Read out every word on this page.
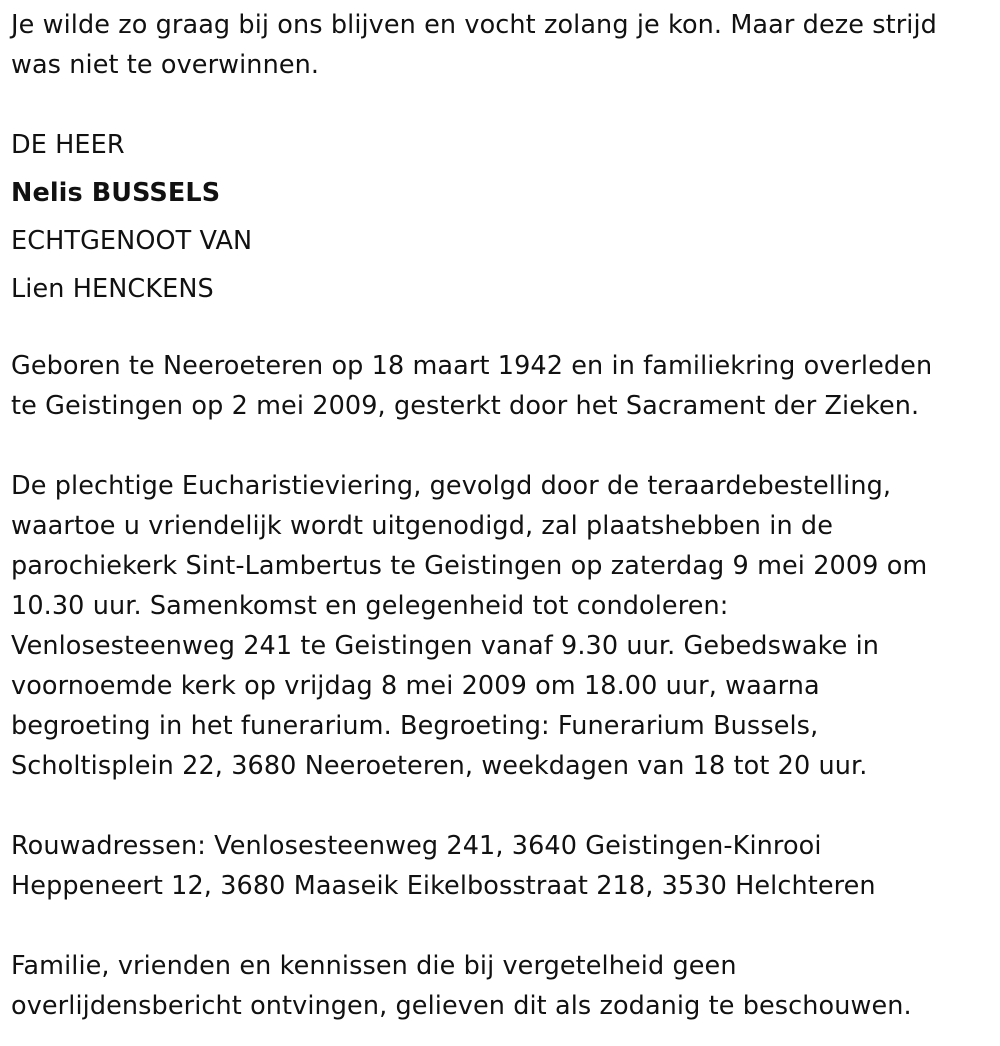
Je wilde zo graag bij ons blijven en vocht zolang je kon. Maar deze strijd
was niet te overwinnen.
DE HEER
Nelis BUSSELS
ECHTGENOOT VAN
Lien HENCKENS
Geboren te Neeroeteren op 18 maart 1942 en in familiekring overleden
te Geistingen op 2 mei 2009, gesterkt door het Sacrament der Zieken.
De plechtige Eucharistieviering, gevolgd door de teraardebestelling,
waartoe u vriendelijk wordt uitgenodigd, zal plaatshebben in de
parochiekerk Sint-Lambertus te Geistingen op zaterdag 9 mei 2009 om
10.30 uur. Samenkomst en gelegenheid tot condoleren:
Venlosesteenweg 241 te Geistingen vanaf 9.30 uur. Gebedswake in
voornoemde kerk op vrijdag 8 mei 2009 om 18.00 uur, waarna
begroeting in het funerarium. Begroeting: Funerarium Bussels,
Scholtisplein 22, 3680 Neeroeteren, weekdagen van 18 tot 20 uur.
Rouwadressen: Venlosesteenweg 241, 3640 Geistingen-Kinrooi
Heppeneert 12, 3680 Maaseik Eikelbosstraat 218, 3530 Helchteren
Familie, vrienden en kennissen die bij vergetelheid geen
overlijdensbericht ontvingen, gelieven dit als zodanig te beschouwen.
